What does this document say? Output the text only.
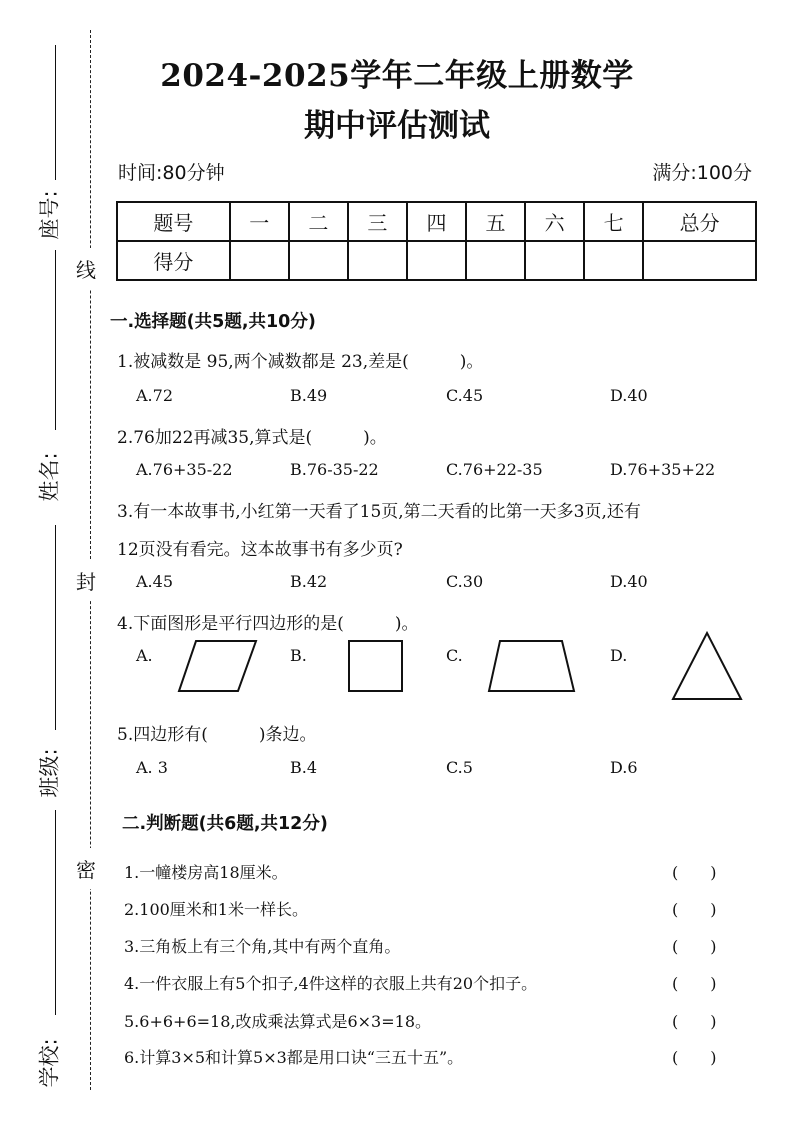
座号:
姓名:
班级:
学校:
线
封
密
2024-2025学年二年级上册数学
期中评估测试
时间:80分钟	满分:100分
题号	一	二	三	四	五	六	七	总分
得分								
一.选择题(共5题,共10分)
1.被减数是 95,两个减数都是 23,差是(　　　)。
A.72	B.49	C.45	D.40
2.76加22再减35,算式是(　　　)。
A.76+35-22	B.76-35-22	C.76+22-35	D.76+35+22
3.有一本故事书,小红第一天看了15页,第二天看的比第一天多3页,还有
12页没有看完。这本故事书有多少页?
A.45	B.42	C.30	D.40
4.下面图形是平行四边形的是(　　　)。
A.	B.	C.	D.
5.四边形有(　　　)条边。
A. 3	B.4	C.5	D.6
二.判断题(共6题,共12分)
1.一幢楼房高18厘米。	(　　)
2.100厘米和1米一样长。	(　　)
3.三角板上有三个角,其中有两个直角。	(　　)
4.一件衣服上有5个扣子,4件这样的衣服上共有20个扣子。	(　　)
5.6+6+6=18,改成乘法算式是6×3=18。	(　　)
6.计算3×5和计算5×3都是用口诀“三五十五”。	(　　)
